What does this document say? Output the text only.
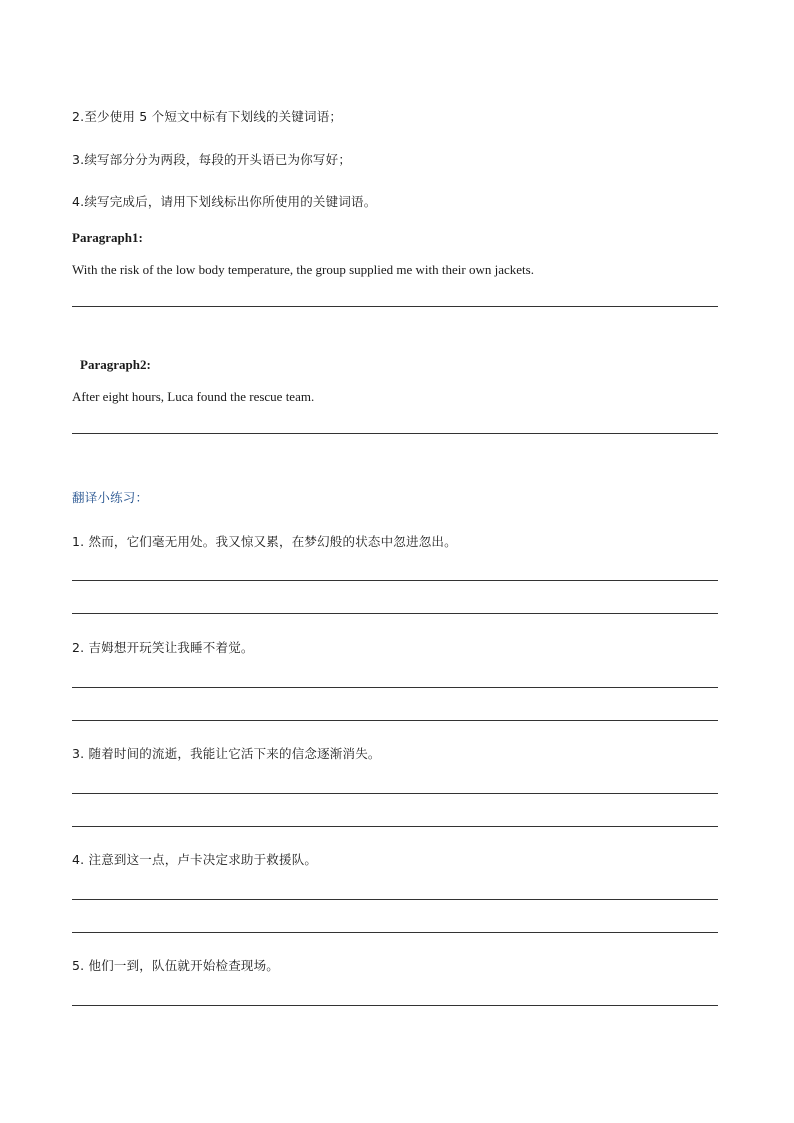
2.至少使用 5 个短文中标有下划线的关键词语；
3.续写部分分为两段，每段的开头语已为你写好；
4.续写完成后，请用下划线标出你所使用的关键词语。
Paragraph1:
With the risk of the low body temperature, the group supplied me with their own jackets.
Paragraph2:
After eight hours, Luca found the rescue team.
翻译小练习：
1. 然而，它们毫无用处。我又惊又累，在梦幻般的状态中忽进忽出。
2. 吉姆想开玩笑让我睡不着觉。
3. 随着时间的流逝，我能让它活下来的信念逐渐消失。
4. 注意到这一点，卢卡决定求助于救援队。
5. 他们一到，队伍就开始检查现场。
